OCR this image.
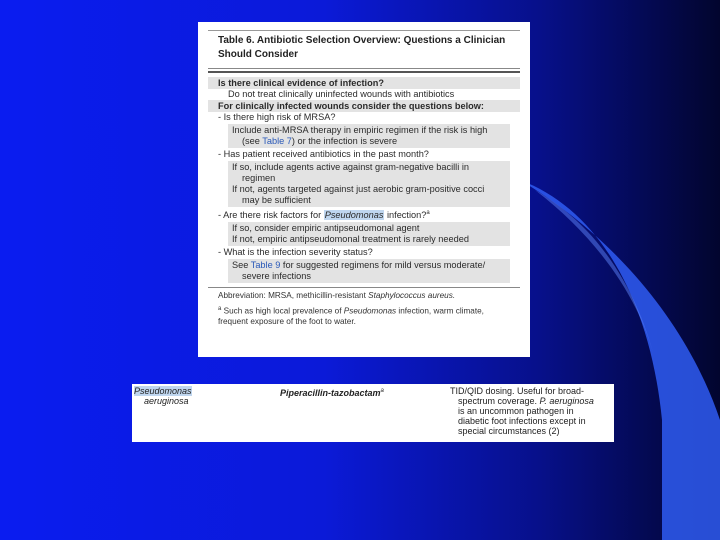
Table 6. Antibiotic Selection Overview: Questions a Clinician
Should Consider
Is there clinical evidence of infection?
Do not treat clinically uninfected wounds with antibiotics
For clinically infected wounds consider the questions below:
- Is there high risk of MRSA?
Include anti-MRSA therapy in empiric regimen if the risk is high
(see Table 7) or the infection is severe
- Has patient received antibiotics in the past month?
If so, include agents active against gram-negative bacilli in
regimen
If not, agents targeted against just aerobic gram-positive cocci
may be sufficient
- Are there risk factors for Pseudomonas infection?$^a$
If so, consider empiric antipseudomonal agent
If not, empiric antipseudomonal treatment is rarely needed
- What is the infection severity status?
See Table 9 for suggested regimens for mild versus moderate/
severe infections
Abbreviation: MRSA, methicillin-resistant Staphylococcus aureus.
$^a$ Such as high local prevalence of Pseudomonas infection, warm climate,
frequent exposure of the foot to water.
Pseudomonas
aeruginosa
Piperacillin-tazobactam$^a$	TID/QID dosing. Useful for broad-
spectrum coverage. P. aeruginosa
is an uncommon pathogen in
diabetic foot infections except in
special circumstances (2)
